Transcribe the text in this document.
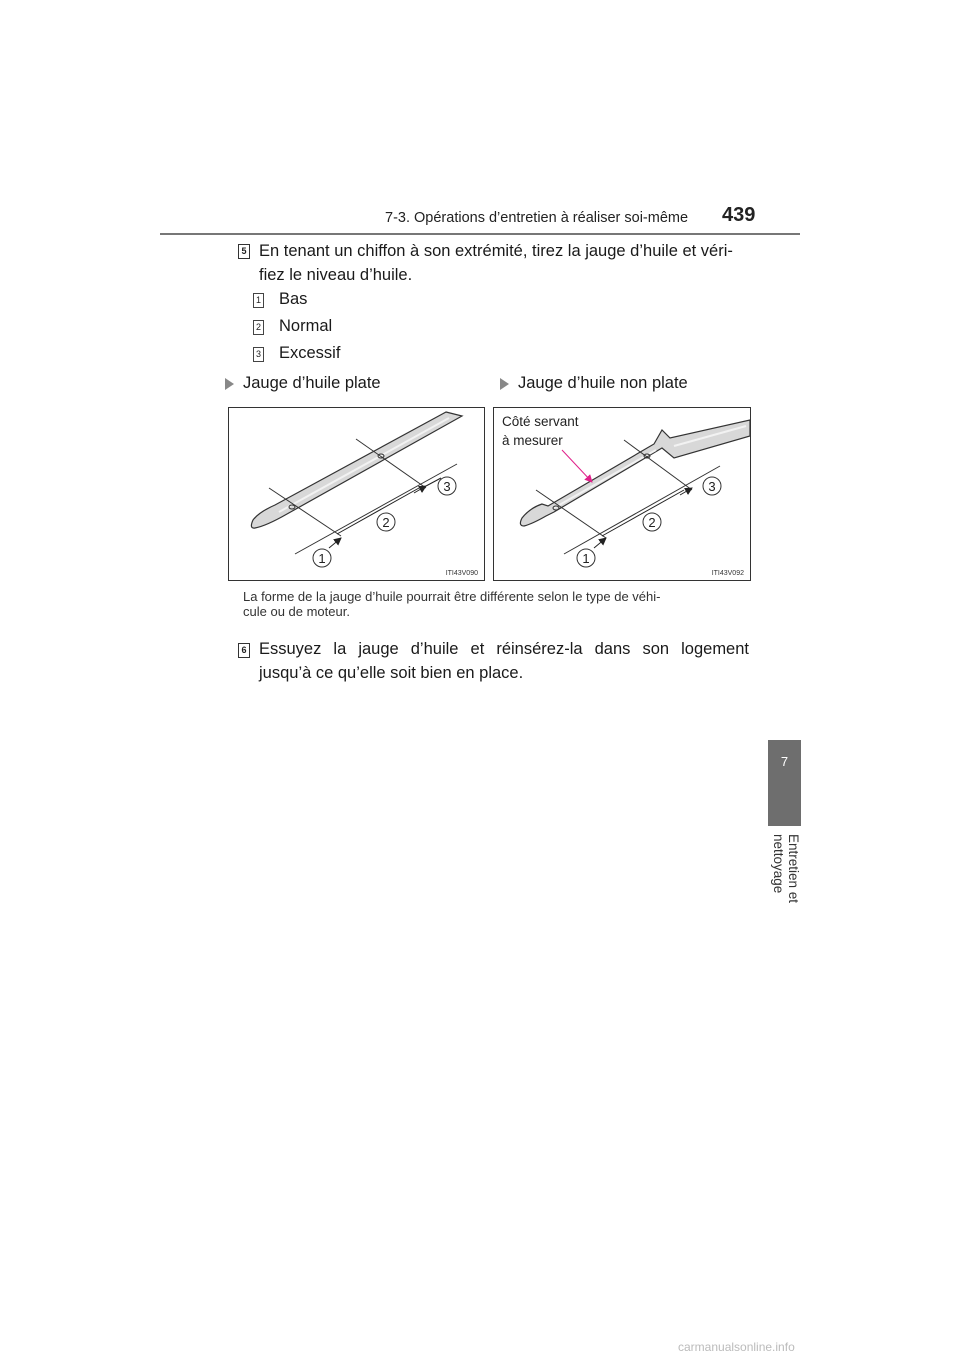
7-3. Opérations d’entretien à réaliser soi-même 439
5 En tenant un chiffon à son extrémité, tirez la jauge d’huile et véri-
fiez le niveau d’huile.
1 Bas
2 Normal
3 Excessif
Jauge d’huile plate	Jauge d’huile non plate
1
2
3
ITI43V090
Côté servant
à mesurer
1
2
3
ITI43V092
La forme de la jauge d’huile pourrait être différente selon le type de véhi-
cule ou de moteur.
6 Essuyez la jauge d’huile et réinsérez-la dans son logement
jusqu’à ce qu’elle soit bien en place.
7
Entretien et nettoyage
carmanualsonline.info
